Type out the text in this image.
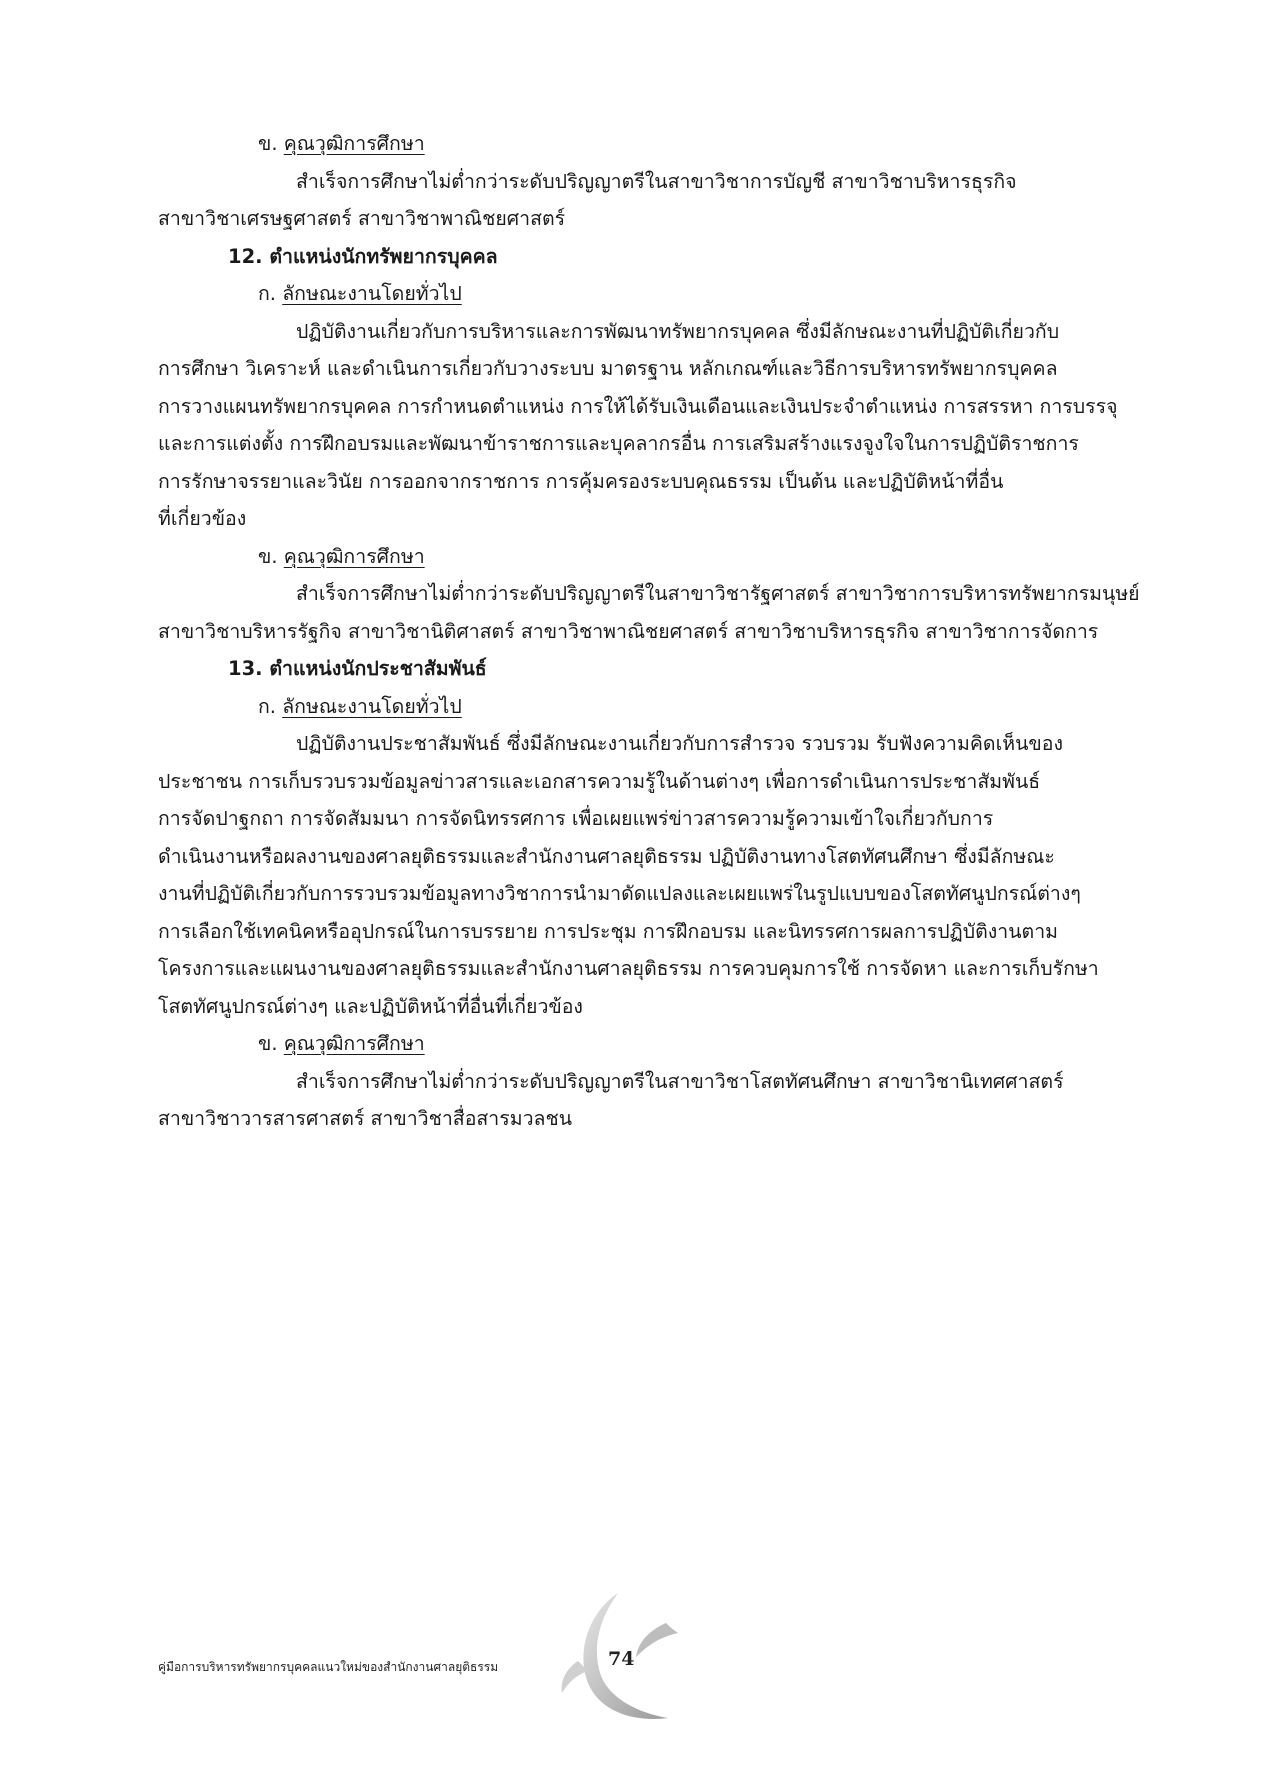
ข. คุณวุฒิการศึกษา
สำเร็จการศึกษาไม่ต่ำกว่าระดับปริญญาตรีในสาขาวิชาการบัญชี สาขาวิชาบริหารธุรกิจ
สาขาวิชาเศรษฐศาสตร์ สาขาวิชาพาณิชยศาสตร์
12. ตำแหน่งนักทรัพยากรบุคคล
ก. ลักษณะงานโดยทั่วไป
ปฏิบัติงานเกี่ยวกับการบริหารและการพัฒนาทรัพยากรบุคคล ซึ่งมีลักษณะงานที่ปฏิบัติเกี่ยวกับ
การศึกษา วิเคราะห์ และดำเนินการเกี่ยวกับวางระบบ มาตรฐาน หลักเกณฑ์และวิธีการบริหารทรัพยากรบุคคล
การวางแผนทรัพยากรบุคคล การกำหนดตำแหน่ง การให้ได้รับเงินเดือนและเงินประจำตำแหน่ง การสรรหา การบรรจุ
และการแต่งตั้ง การฝึกอบรมและพัฒนาข้าราชการและบุคลากรอื่น การเสริมสร้างแรงจูงใจในการปฏิบัติราชการ
การรักษาจรรยาและวินัย การออกจากราชการ การคุ้มครองระบบคุณธรรม เป็นต้น และปฏิบัติหน้าที่อื่น
ที่เกี่ยวข้อง
ข. คุณวุฒิการศึกษา
สำเร็จการศึกษาไม่ต่ำกว่าระดับปริญญาตรีในสาขาวิชารัฐศาสตร์ สาขาวิชาการบริหารทรัพยากรมนุษย์
สาขาวิชาบริหารรัฐกิจ สาขาวิชานิติศาสตร์ สาขาวิชาพาณิชยศาสตร์ สาขาวิชาบริหารธุรกิจ สาขาวิชาการจัดการ
13. ตำแหน่งนักประชาสัมพันธ์
ก. ลักษณะงานโดยทั่วไป
ปฏิบัติงานประชาสัมพันธ์ ซึ่งมีลักษณะงานเกี่ยวกับการสำรวจ รวบรวม รับฟังความคิดเห็นของ
ประชาชน การเก็บรวบรวมข้อมูลข่าวสารและเอกสารความรู้ในด้านต่างๆ เพื่อการดำเนินการประชาสัมพันธ์
การจัดปาฐกถา การจัดสัมมนา การจัดนิทรรศการ เพื่อเผยแพร่ข่าวสารความรู้ความเข้าใจเกี่ยวกับการ
ดำเนินงานหรือผลงานของศาลยุติธรรมและสำนักงานศาลยุติธรรม ปฏิบัติงานทางโสตทัศนศึกษา ซึ่งมีลักษณะ
งานที่ปฏิบัติเกี่ยวกับการรวบรวมข้อมูลทางวิชาการนำมาดัดแปลงและเผยแพร่ในรูปแบบของโสตทัศนูปกรณ์ต่างๆ
การเลือกใช้เทคนิคหรืออุปกรณ์ในการบรรยาย การประชุม การฝึกอบรม และนิทรรศการผลการปฏิบัติงานตาม
โครงการและแผนงานของศาลยุติธรรมและสำนักงานศาลยุติธรรม การควบคุมการใช้ การจัดหา และการเก็บรักษา
โสตทัศนูปกรณ์ต่างๆ และปฏิบัติหน้าที่อื่นที่เกี่ยวข้อง
ข. คุณวุฒิการศึกษา
สำเร็จการศึกษาไม่ต่ำกว่าระดับปริญญาตรีในสาขาวิชาโสตทัศนศึกษา สาขาวิชานิเทศศาสตร์
สาขาวิชาวารสารศาสตร์ สาขาวิชาสื่อสารมวลชน
คู่มือการบริหารทรัพยากรบุคคลแนวใหม่ของสำนักงานศาลยุติธรรม	74
